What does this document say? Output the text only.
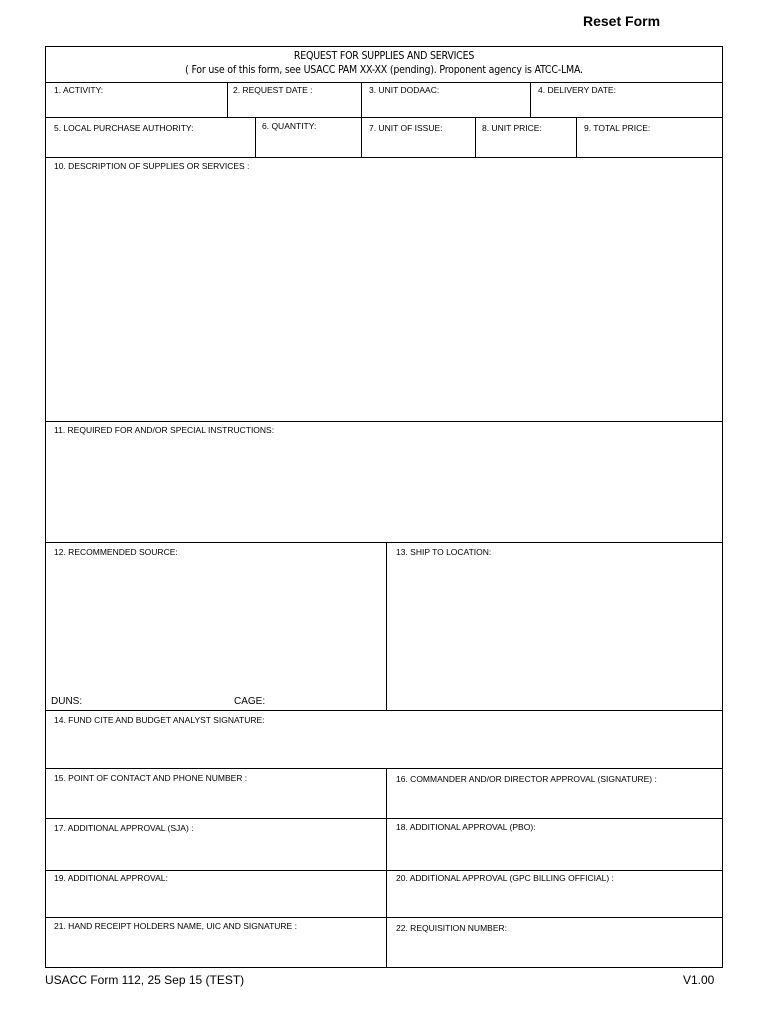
Reset Form
REQUEST FOR SUPPLIES AND SERVICES
( For use of this form, see USACC PAM XX-XX (pending). Proponent agency is ATCC-LMA.
1. ACTIVITY:	2. REQUEST DATE :	3. UNIT DODAAC:	4. DELIVERY DATE:
5. LOCAL PURCHASE AUTHORITY:	6. QUANTITY:	7. UNIT OF ISSUE:	8. UNIT PRICE:	9. TOTAL PRICE:
10. DESCRIPTION OF SUPPLIES OR SERVICES :
11. REQUIRED FOR AND/OR SPECIAL INSTRUCTIONS:
12. RECOMMENDED SOURCE:	13. SHIP TO LOCATION:
DUNS:	CAGE:
14. FUND CITE AND BUDGET ANALYST SIGNATURE:
15. POINT OF CONTACT AND PHONE NUMBER :	16. COMMANDER AND/OR DIRECTOR APPROVAL (SIGNATURE) :
17. ADDITIONAL APPROVAL (SJA) :	18. ADDITIONAL APPROVAL (PBO):
19. ADDITIONAL APPROVAL:	20. ADDITIONAL APPROVAL (GPC BILLING OFFICIAL) :
21. HAND RECEIPT HOLDERS NAME, UIC AND SIGNATURE :	22. REQUISITION NUMBER:
USACC Form 112, 25 Sep 15 (TEST)	V1.00
